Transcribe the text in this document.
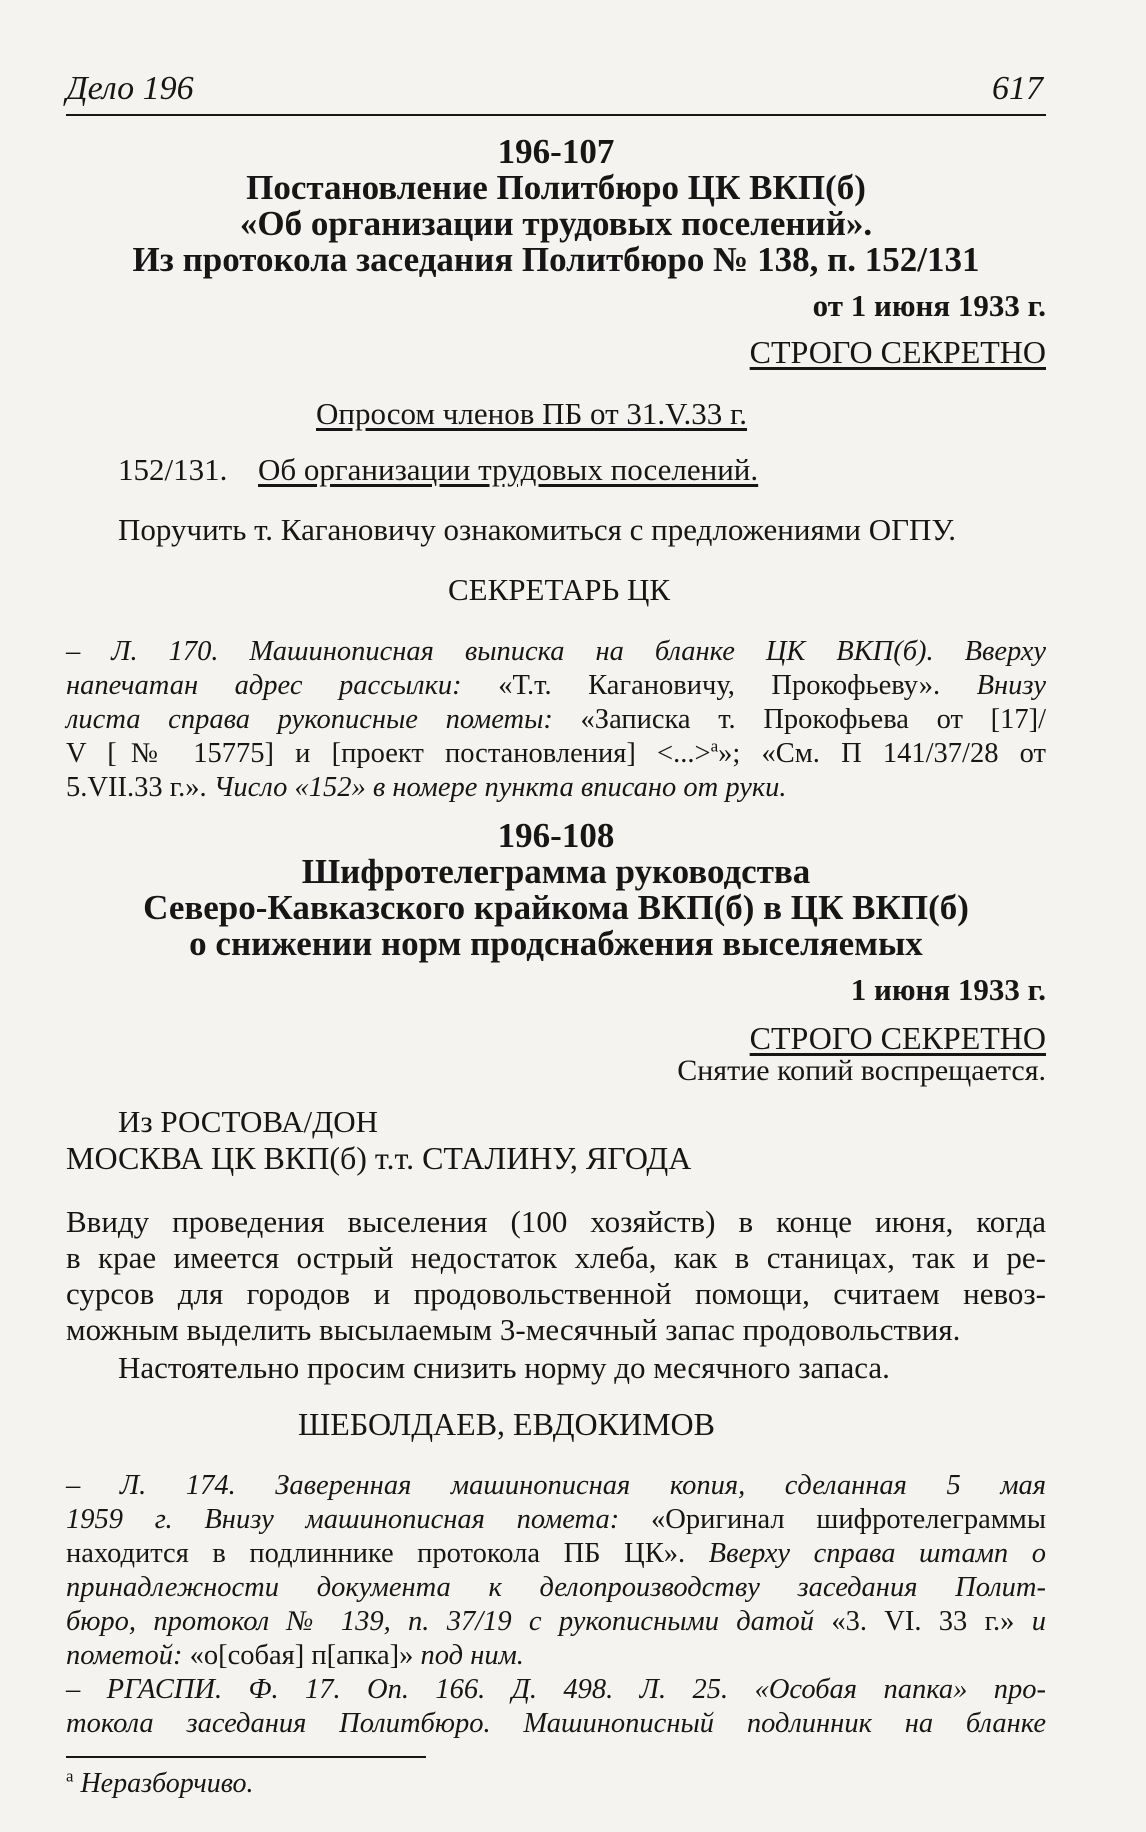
Дело 196	617
196-107
Постановление Политбюро ЦК ВКП(б)
«Об организации трудовых поселений».
Из протокола заседания Политбюро № 138, п. 152/131
от 1 июня 1933 г.
СТРОГО СЕКРЕТНО
Опросом членов ПБ от 31.V.33 г.
152/131. Об организации трудовых поселений.
Поручить т. Кагановичу ознакомиться с предложениями ОГПУ.
СЕКРЕТАРЬ ЦК
– Л. 170. Машинописная выписка на бланке ЦК ВКП(б). Вверху
напечатан адрес рассылки: «Т.т. Кагановичу, Прокофьеву». Внизу
листа справа рукописные пометы: «Записка т. Прокофьева от [17]/
V [№ 15775] и [проект постановления] <...>$^а$»; «См. П 141/37/28 от
5.VII.33 г.». Число «152» в номере пункта вписано от руки.
196-108
Шифротелеграмма руководства
Северо-Кавказского крайкома ВКП(б) в ЦК ВКП(б)
о снижении норм продснабжения выселяемых
1 июня 1933 г.
СТРОГО СЕКРЕТНО
Снятие копий воспрещается.
Из РОСТОВА/ДОН
МОСКВА ЦК ВКП(б) т.т. СТАЛИНУ, ЯГОДА
Ввиду проведения выселения (100 хозяйств) в конце июня, когда
в крае имеется острый недостаток хлеба, как в станицах, так и ре-
сурсов для городов и продовольственной помощи, считаем невоз-
можным выделить высылаемым 3-месячный запас продовольствия.
Настоятельно просим снизить норму до месячного запаса.
ШЕБОЛДАЕВ, ЕВДОКИМОВ
– Л. 174. Заверенная машинописная копия, сделанная 5 мая
1959 г. Внизу машинописная помета: «Оригинал шифротелеграммы
находится в подлиннике протокола ПБ ЦК». Вверху справа штамп о
принадлежности документа к делопроизводству заседания Полит-
бюро, протокол № 139, п. 37/19 с рукописными датой «3. VI. 33 г.» и
пометой: «о[собая] п[апка]» под ним.
– РГАСПИ. Ф. 17. Оп. 166. Д. 498. Л. 25. «Особая папка» про-
токола заседания Политбюро. Машинописный подлинник на бланке
$^а$ Неразборчиво.
